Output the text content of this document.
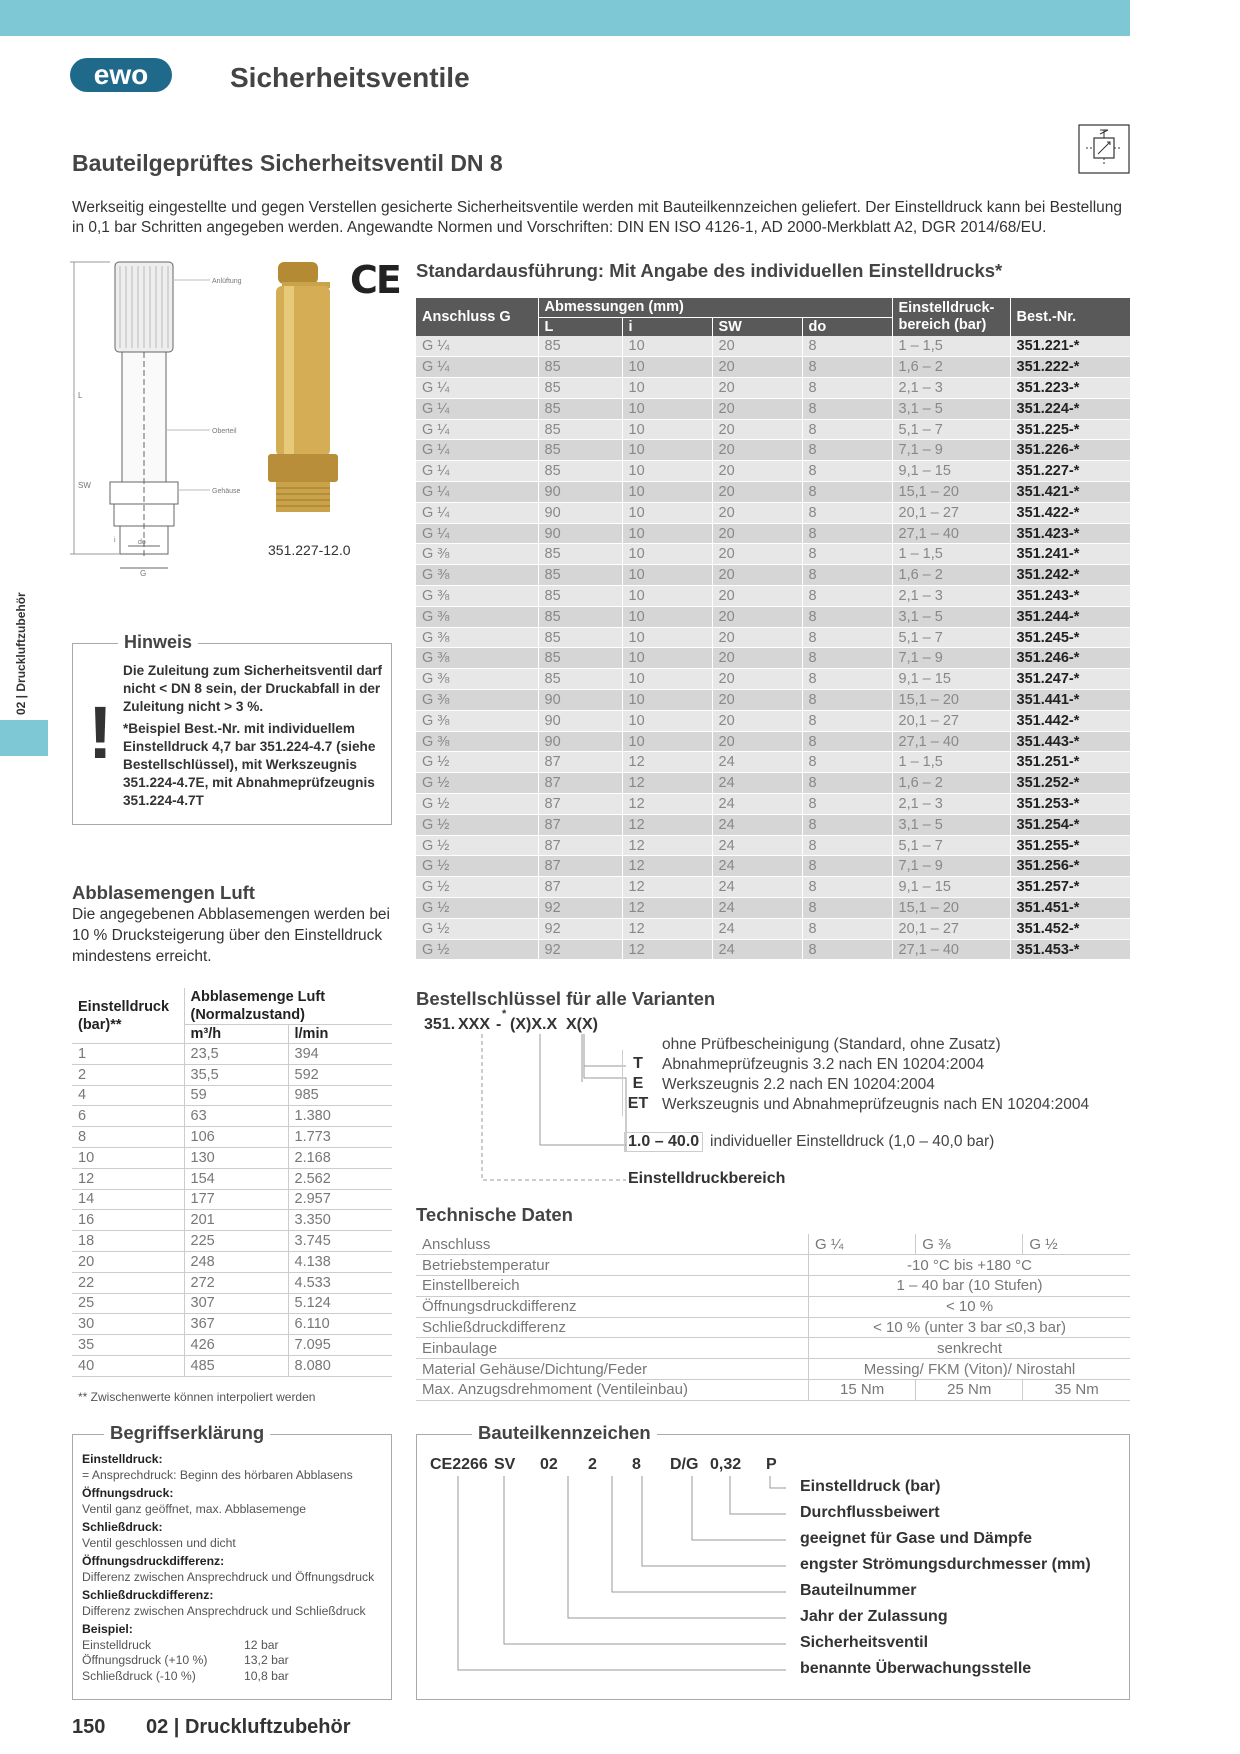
ewo	Sicherheitsventile
Bauteilgeprüftes Sicherheitsventil DN 8
Werkseitig eingestellte und gegen Verstellen gesicherte Sicherheitsventile werden mit Bauteilkennzeichen geliefert. Der Einstelldruck kann bei Bestellung in 0,1 bar Schritten angegeben werden. Angewandte Normen und Vorschriften: DIN EN ISO 4126-1, AD 2000-Merkblatt A2, DGR 2014/68/EU.
02 | Druckluftzubehör
Anlüftung
Oberteil
Gehäuse
L
SW
do
G
i
CE
351.227-12.0
Standardausführung: Mit Angabe des individuellen Einstelldrucks*
Anschluss G	Abmessungen (mm)				Einstelldruck-bereich (bar)	Best.-Nr.
	L	i	SW	do		
G ¼	85	10	20	8	1 – 1,5	351.221-*
G ¼	85	10	20	8	1,6 – 2	351.222-*
G ¼	85	10	20	8	2,1 – 3	351.223-*
G ¼	85	10	20	8	3,1 – 5	351.224-*
G ¼	85	10	20	8	5,1 – 7	351.225-*
G ¼	85	10	20	8	7,1 – 9	351.226-*
G ¼	85	10	20	8	9,1 – 15	351.227-*
G ¼	90	10	20	8	15,1 – 20	351.421-*
G ¼	90	10	20	8	20,1 – 27	351.422-*
G ¼	90	10	20	8	27,1 – 40	351.423-*
G ⅜	85	10	20	8	1 – 1,5	351.241-*
G ⅜	85	10	20	8	1,6 – 2	351.242-*
G ⅜	85	10	20	8	2,1 – 3	351.243-*
G ⅜	85	10	20	8	3,1 – 5	351.244-*
G ⅜	85	10	20	8	5,1 – 7	351.245-*
G ⅜	85	10	20	8	7,1 – 9	351.246-*
G ⅜	85	10	20	8	9,1 – 15	351.247-*
G ⅜	90	10	20	8	15,1 – 20	351.441-*
G ⅜	90	10	20	8	20,1 – 27	351.442-*
G ⅜	90	10	20	8	27,1 – 40	351.443-*
G ½	87	12	24	8	1 – 1,5	351.251-*
G ½	87	12	24	8	1,6 – 2	351.252-*
G ½	87	12	24	8	2,1 – 3	351.253-*
G ½	87	12	24	8	3,1 – 5	351.254-*
G ½	87	12	24	8	5,1 – 7	351.255-*
G ½	87	12	24	8	7,1 – 9	351.256-*
G ½	87	12	24	8	9,1 – 15	351.257-*
G ½	92	12	24	8	15,1 – 20	351.451-*
G ½	92	12	24	8	20,1 – 27	351.452-*
G ½	92	12	24	8	27,1 – 40	351.453-*
Hinweis
!
Die Zuleitung zum Sicherheitsventil darf nicht < DN 8 sein, der Druckabfall in der Zuleitung nicht > 3 %.
*Beispiel Best.-Nr. mit individuellem Einstelldruck 4,7 bar 351.224-4.7 (siehe Bestellschlüssel), mit Werkszeugnis 351.224-4.7E, mit Abnahmeprüfzeugnis 351.224-4.7T
Abblasemengen Luft
Die angegebenen Abblasemengen werden bei 10 % Drucksteigerung über den Einstelldruck mindestens erreicht.
Einstelldruck (bar)**	Abblasemenge Luft (Normalzustand)	
	m³/h	l/min
1	23,5	394
2	35,5	592
4	59	985
6	63	1.380
8	106	1.773
10	130	2.168
12	154	2.562
14	177	2.957
16	201	3.350
18	225	3.745
20	248	4.138
22	272	4.533
25	307	5.124
30	367	6.110
35	426	7.095
40	485	8.080
** Zwischenwerte können interpoliert werden
Bestellschlüssel für alle Varianten
351. XXX -
*
(X)X.X X(X)
ohne Prüfbescheinigung (Standard, ohne Zusatz)
T	Abnahmeprüfzeugnis 3.2 nach EN 10204:2004
E	Werkszeugnis 2.2 nach EN 10204:2004
ET Werkszeugnis und Abnahmeprüfzeugnis nach EN 10204:2004
1.0 – 40.0 individueller Einstelldruck (1,0 – 40,0 bar)
Einstelldruckbereich
Technische Daten
Anschluss	G ¼	G ⅜	G ½
Betriebstemperatur	-10 °C bis +180 °C		
Einstellbereich	1 – 40 bar (10 Stufen)		
Öffnungsdruckdifferenz	< 10 %		
Schließdruckdifferenz	< 10 % (unter 3 bar ≤0,3 bar)		
Einbaulage	senkrecht		
Material Gehäuse/Dichtung/Feder	Messing/ FKM (Viton)/ Nirostahl		
Max. Anzugsdrehmoment (Ventileinbau)	15 Nm	25 Nm	35 Nm
Begriffserklärung
Einstelldruck:
= Ansprechdruck: Beginn des hörbaren Abblasens
Öffnungsdruck:
Ventil ganz geöffnet, max. Abblasemenge
Schließdruck:
Ventil geschlossen und dicht
Öffnungsdruckdifferenz:
Differenz zwischen Ansprechdruck und Öffnungsdruck
Schließdruckdifferenz:
Differenz zwischen Ansprechdruck und Schließdruck
Beispiel:
Einstelldruck	12 bar
Öffnungsdruck (+10 %)	13,2 bar
Schließdruck (-10 %)	10,8 bar
Bauteilkennzeichen
CE2266 SV 02 2 8 D/G 0,32 P
Einstelldruck (bar)
Durchflussbeiwert
geeignet für Gase und Dämpfe
engster Strömungsdurchmesser (mm)
Bauteilnummer
Jahr der Zulassung
Sicherheitsventil
benannte Überwachungsstelle
150 02 | Druckluftzubehör
